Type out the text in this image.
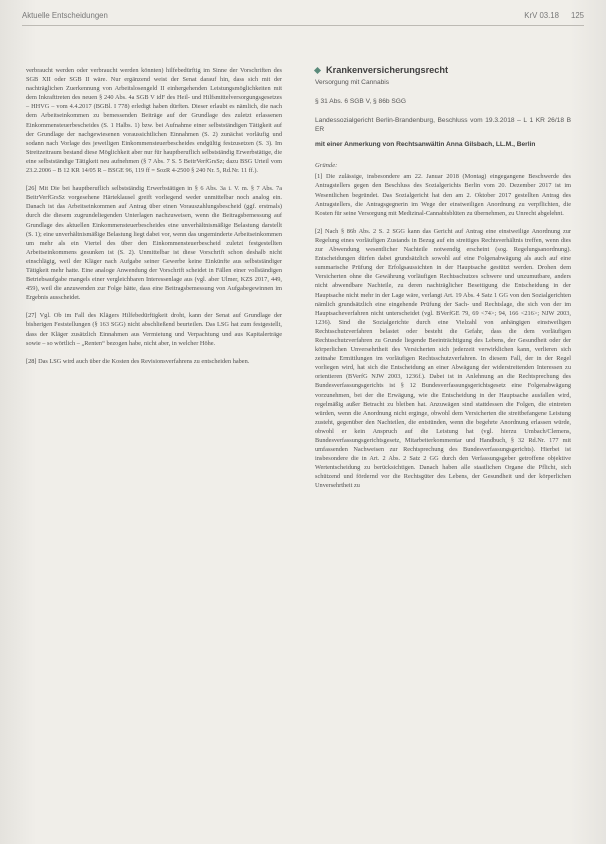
Aktuelle Entscheidungen	KrV 03.18 125

verbraucht werden oder verbraucht werden könnten) hilfebedürftig im Sinne der Vorschriften des SGB XII oder SGB II wäre. Nur ergänzend weist der Senat darauf hin, dass sich mit der nachträglichen Zuerkennung von Arbeitslosengeld II einhergehenden Leistungsmöglichkeiten mit dem Inkrafttreten des neuen § 240 Abs. 4a SGB V idF des Heil- und Hilfsmittelversorgungsgesetzes – HHVG – vom 4.4.2017 (BGBl. I 778) erledigt haben dürften. Dieser erlaubt es nämlich, die nach dem Arbeitseinkommen zu bemessenden Beiträge auf der Grundlage des zuletzt erlassenen Einkommensteuerbescheides (S. 1 Halbs. 1) bzw. bei Aufnahme einer selbstständigen Tätigkeit auf der Grundlage der nachgewiesenen voraussichtlichen Einnahmen (S. 2) zunächst vorläufig und sodann nach Vorlage des jeweiligen Einkommensteuerbescheides endgültig festzusetzen (S. 3). Im Streitzeitraum bestand diese Möglichkeit aber nur für hauptberuflich selbstständig Erwerbstätige, die eine selbstständige Tätigkeit neu aufnehmen (§ 7 Abs. 7 S. 5 BeitrVerfGrsSz; dazu BSG Urteil vom 23.2.2006 – B 12 KR 14/05 R – BSGE 96, 119 ff = SozR 4-2500 § 240 Nr. 5, Rd.Nr. 11 ff.).

[26] Mit Die bei hauptberuflich selbstständig Erwerbstätigen in § 6 Abs. 3a i. V. m. § 7 Abs. 7a BeitrVerfGrsSz vorgesehene Härteklausel greift vorliegend weder unmittelbar noch analog ein. Danach ist das Arbeitseinkommen auf Antrag über einen Vorauszahlungsbescheid (ggf. erstmals) durch die diesem zugrundeliegenden Unterlagen nachzuweisen, wenn die Beitragsbemessung auf Grundlage des aktuellen Einkommensteuerbescheides eine unverhältnismäßige Belastung darstellt (S. 1); eine unverhältnismäßige Belastung liegt dabei vor, wenn das ungeminderte Arbeitseinkommen um mehr als ein Viertel des über den Einkommensteuerbescheid zuletzt festgestellten Arbeitseinkommens gesunken ist (S. 2). Unmittelbar ist diese Vorschrift schon deshalb nicht einschlägig, weil der Kläger nach Aufgabe seiner Gewerbe keine Einkünfte aus selbstständiger Tätigkeit mehr hatte. Eine analoge Anwendung der Vorschrift scheidet in Fällen einer vollständigen Betriebsaufgabe mangels einer vergleichbaren Interessenlage aus (vgl. aber Ulmer, KZS 2017, 449, 459), weil die anzuwenden zur Folge hätte, dass eine Beitragsbemessung von Aufgabegewinnen im Ergebnis ausscheidet.

[27] Vgl. Ob im Fall des Klägers Hilfebedürftigkeit droht, kann der Senat auf Grundlage der bisherigen Feststellungen (§ 163 SGG) nicht abschließend beurteilen. Das LSG hat zum festgestellt, dass der Kläger zusätzlich Einnahmen aus Vermietung und Verpachtung und aus Kapitalerträge sowie – so wörtlich – „Renten“ bezogen habe, nicht aber, in welcher Höhe.

[28] Das LSG wird auch über die Kosten des Revisionsverfahrens zu entscheiden haben.

Krankenversicherungsrecht
Versorgung mit Cannabis
§ 31 Abs. 6 SGB V, § 86b SGG
Landessozialgericht Berlin-Brandenburg, Beschluss vom 19.3.2018 – L 1 KR 26/18 B ER
mit einer Anmerkung von Rechtsanwältin Anna Gilsbach, LL.M., Berlin
Gründe:

[1] Die zulässige, insbesondere am 22. Januar 2018 (Montag) eingegangene Beschwerde des Antragstellers gegen den Beschluss des Sozialgerichts Berlin vom 20. Dezember 2017 ist im Wesentlichen begründet. Das Sozialgericht hat den am 2. Oktober 2017 gestellten Antrag des Antragstellers, die Antragsgegnerin im Wege der einstweiligen Anordnung zu verpflichten, die Kosten für seine Versorgung mit Medizinal-Cannabisblüten zu übernehmen, zu Unrecht abgelehnt.

[2] Nach § 86b Abs. 2 S. 2 SGG kann das Gericht auf Antrag eine einstweilige Anordnung zur Regelung eines vorläufigen Zustands in Bezug auf ein streitiges Rechtsverhältnis treffen, wenn dies zur Abwendung wesentlicher Nachteile notwendig erscheint (sog. Regelungsanordnung). Entscheidungen dürfen dabei grundsätzlich sowohl auf eine Folgenabwägung als auch auf eine summarische Prüfung der Erfolgsaussichten in der Hauptsache gestützt werden. Drohen dem Versicherten ohne die Gewährung vorläufigen Rechtsschutzes schwere und unzumutbare, anders nicht abwendbare Nachteile, zu deren nachträglicher Beseitigung die Entscheidung in der Hauptsache nicht mehr in der Lage wäre, verlangt Art. 19 Abs. 4 Satz 1 GG von den Sozialgerichten nämlich grundsätzlich eine eingehende Prüfung der Sach- und Rechtslage, die sich von der im Hauptsacheverfahren nicht unterscheidet (vgl. BVerfGE 79, 69 <74>; 94, 166 <216>; NJW 2003, 1236). Sind die Sozialgerichte durch eine Vielzahl von anhängigen einstweiligen Rechtsschutzverfahren belastet oder besteht die Gefahr, dass die dem vorläufigen Rechtsschutzverfahren zu Grunde liegende Beeinträchtigung des Lebens, der Gesundheit oder der körperlichen Unversehrtheit des Versicherten sich jederzeit verwirklichen kann, verlieren sich zeitnahe Ermittlungen im vorläufigen Rechtsschutzverfahren. In diesem Fall, der in der Regel vorliegen wird, hat sich die Entscheidung an einer Abwägung der widerstreitenden Interessen zu orientieren (BVerfG NJW 2003, 1236f.). Dabei ist in Anlehnung an die Rechtsprechung des Bundesverfassungsgerichts ist § 12 Bundesverfassungsgerichtsgesetz eine Folgenabwägung vorzunehmen, bei der die Erwägung, wie die Entscheidung in der Hauptsache ausfallen wird, regelmäßig außer Betracht zu bleiben hat. Anzuwägen sind stattdessen die Folgen, die eintreten würden, wenn die Anordnung nicht erginge, obwohl dem Versicherten die streitbefangene Leistung zusteht, gegenüber den Nachteilen, die entstünden, wenn die begehrte Anordnung erlassen würde, obwohl er kein Anspruch auf die Leistung hat (vgl. hierzu Umbach/Clemens, Bundesverfassungsgerichtsgesetz, Mitarbeiterkommentar und Handbuch, § 32 Rd.Nr. 177 mit umfassenden Nachweisen zur Rechtsprechung des Bundesverfassungsgerichts). Hierbei ist insbesondere die in Art. 2 Abs. 2 Satz 2 GG durch den Verfassungsgeber getroffene objektive Wertentscheidung zu berücksichtigen. Danach haben alle staatlichen Organe die Pflicht, sich schützend und fördernd vor die Rechtsgüter des Lebens, der Gesundheit und der körperlichen Unversehrtheit zu
